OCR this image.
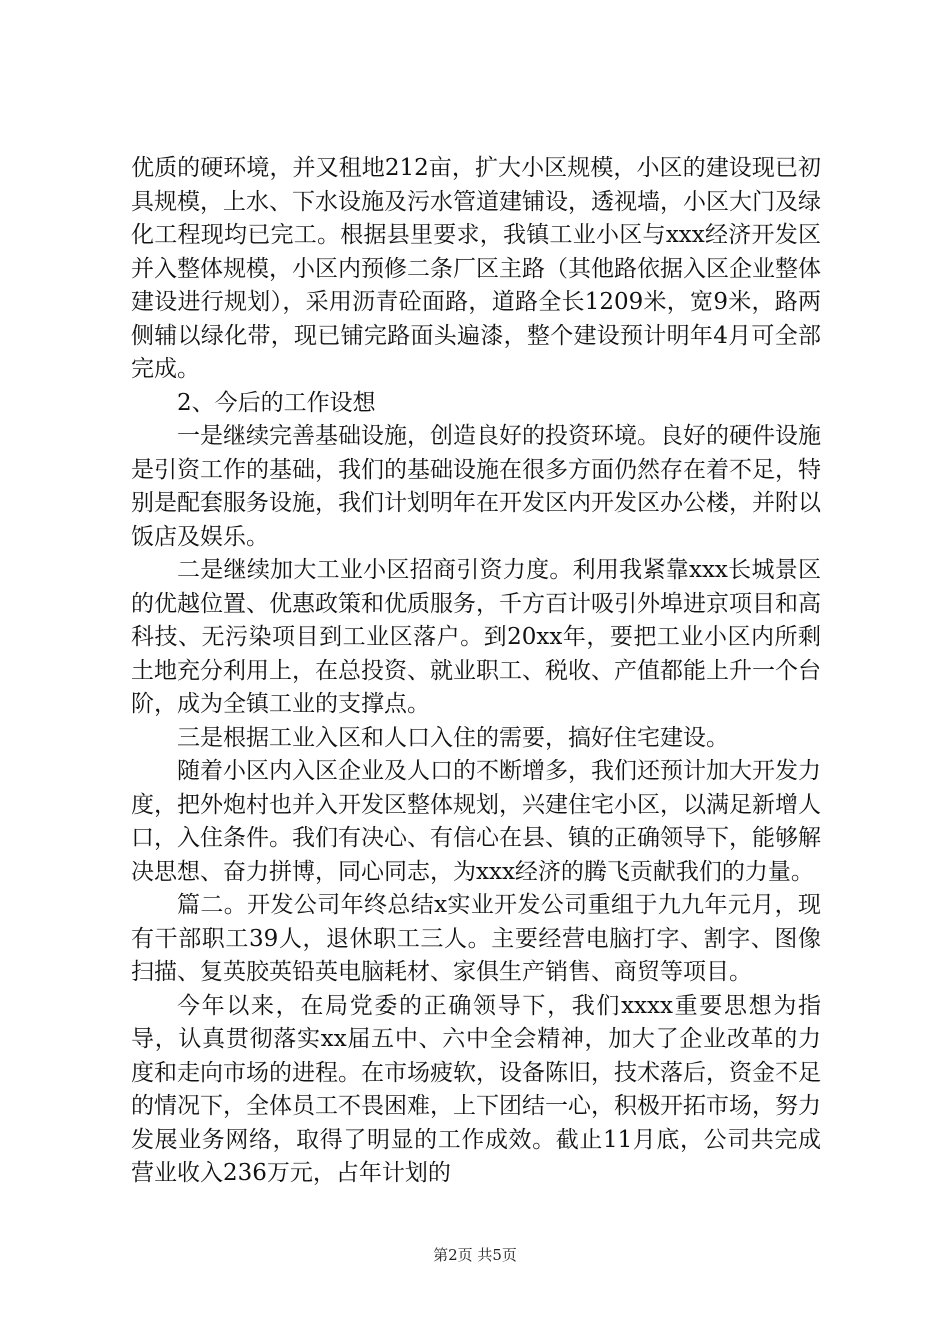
优质的硬环境，并又租地212亩，扩大小区规模，小区的建设现已初具规模，上水、下水设施及污水管道建铺设，透视墙，小区大门及绿化工程现均已完工。根据县里要求，我镇工业小区与xxx经济开发区并入整体规模，小区内预修二条厂区主路（其他路依据入区企业整体建设进行规划），采用沥青砼面路，道路全长1209米，宽9米，路两侧辅以绿化带，现已铺完路面头遍漆，整个建设预计明年4月可全部完成。

2、今后的工作设想

一是继续完善基础设施，创造良好的投资环境。良好的硬件设施是引资工作的基础，我们的基础设施在很多方面仍然存在着不足，特别是配套服务设施，我们计划明年在开发区内开发区办公楼，并附以饭店及娱乐。

二是继续加大工业小区招商引资力度。利用我紧靠xxx长城景区的优越位置、优惠政策和优质服务，千方百计吸引外埠进京项目和高科技、无污染项目到工业区落户。到20xx年，要把工业小区内所剩土地充分利用上，在总投资、就业职工、税收、产值都能上升一个台阶，成为全镇工业的支撑点。

三是根据工业入区和人口入住的需要，搞好住宅建设。

随着小区内入区企业及人口的不断增多，我们还预计加大开发力度，把外炮村也并入开发区整体规划，兴建住宅小区，以满足新增人口，入住条件。我们有决心、有信心在县、镇的正确领导下，能够解决思想、奋力拼博，同心同志，为xxx经济的腾飞贡献我们的力量。

篇二。开发公司年终总结x实业开发公司重组于九九年元月，现有干部职工39人，退休职工三人。主要经营电脑打字、割字、图像扫描、复英胶英铅英电脑耗材、家俱生产销售、商贸等项目。

今年以来，在局党委的正确领导下，我们xxxx重要思想为指导，认真贯彻落实xx届五中、六中全会精神，加大了企业改革的力度和走向市场的进程。在市场疲软，设备陈旧，技术落后，资金不足的情况下，全体员工不畏困难，上下团结一心，积极开拓市场，努力发展业务网络，取得了明显的工作成效。截止11月底，公司共完成营业收入236万元，占年计划的

第2页 共5页
